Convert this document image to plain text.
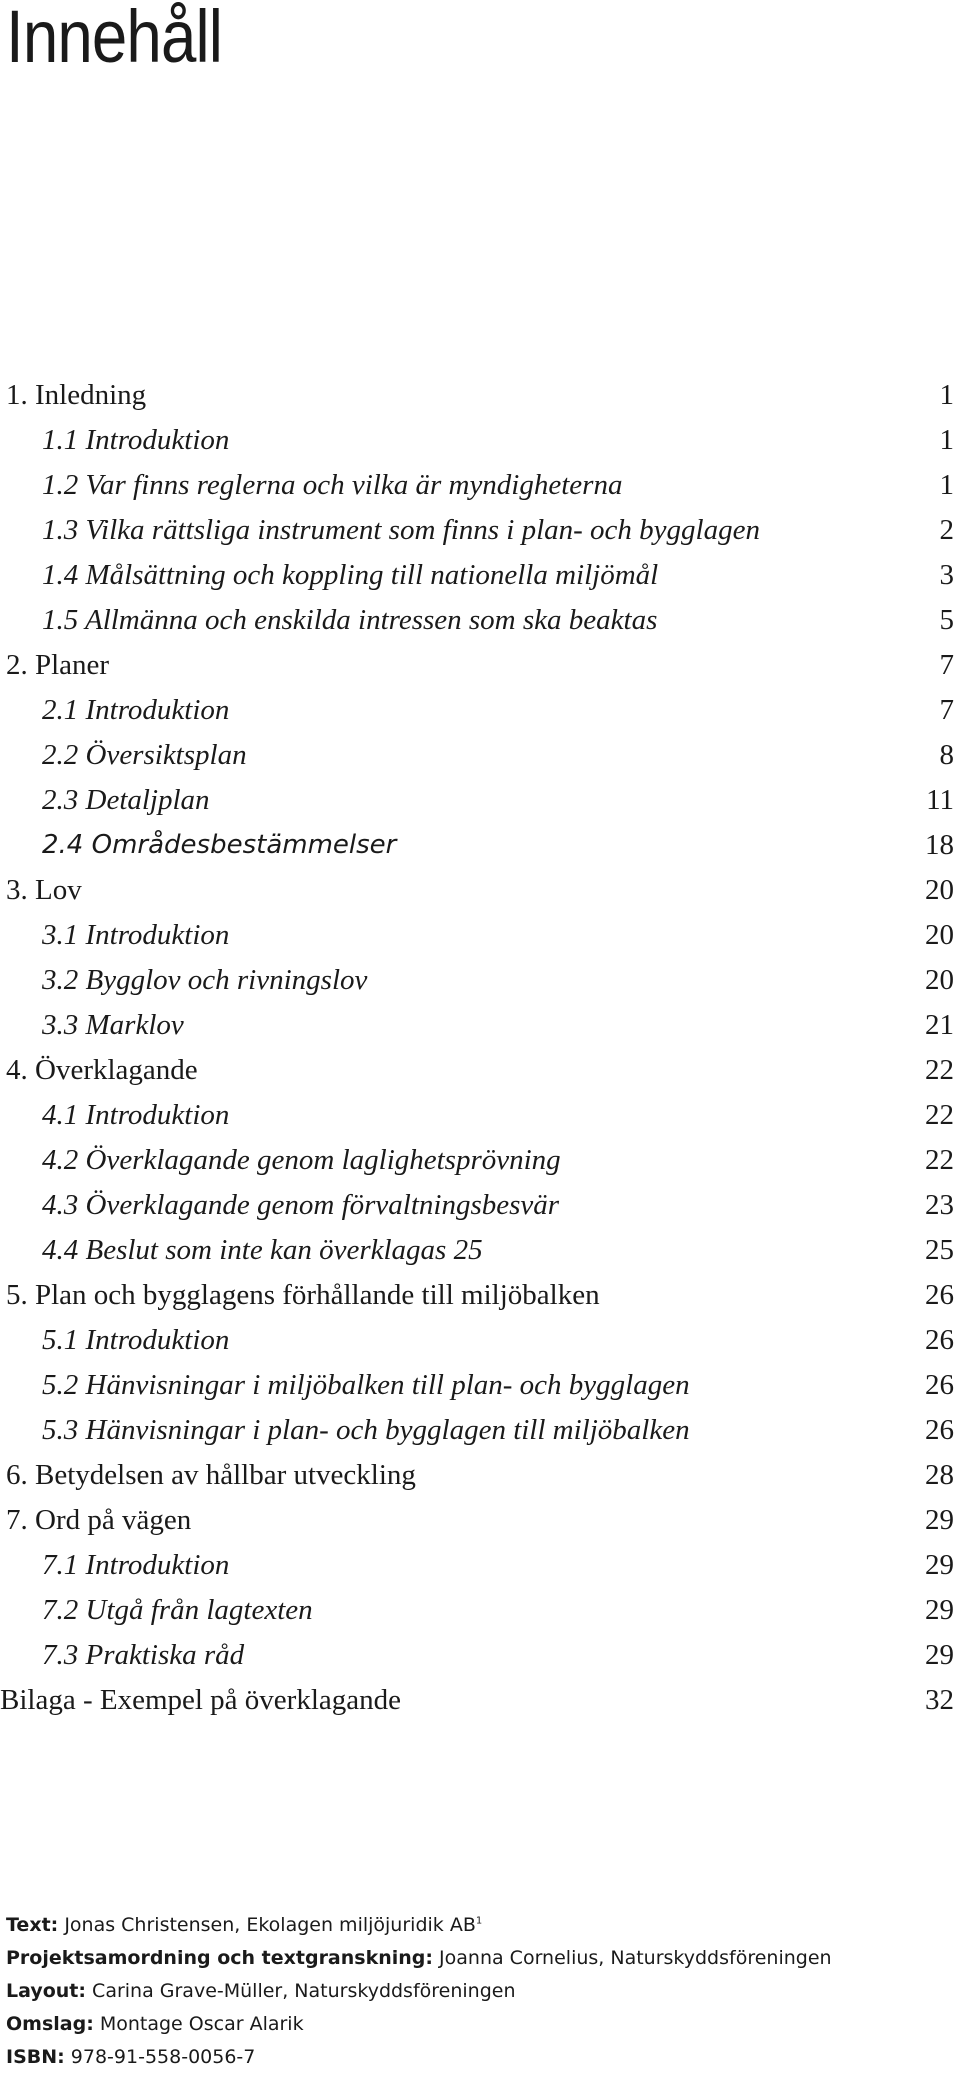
Innehåll
1. Inledning	1
1.1 Introduktion	1
1.2 Var finns reglerna och vilka är myndigheterna	1
1.3 Vilka rättsliga instrument som finns i plan- och bygglagen	2
1.4 Målsättning och koppling till nationella miljömål	3
1.5 Allmänna och enskilda intressen som ska beaktas	5
2. Planer	7
2.1 Introduktion	7
2.2 Översiktsplan	8
2.3 Detaljplan	11
2.4 Områdesbestämmelser	18
3. Lov	20
3.1 Introduktion	20
3.2 Bygglov och rivningslov	20
3.3 Marklov	21
4. Överklagande	22
4.1 Introduktion	22
4.2 Överklagande genom laglighetsprövning	22
4.3 Överklagande genom förvaltningsbesvär	23
4.4 Beslut som inte kan överklagas 25	25
5. Plan och bygglagens förhållande till miljöbalken	26
5.1 Introduktion	26
5.2 Hänvisningar i miljöbalken till plan- och bygglagen	26
5.3 Hänvisningar i plan- och bygglagen till miljöbalken	26
6. Betydelsen av hållbar utveckling	28
7. Ord på vägen	29
7.1 Introduktion	29
7.2 Utgå från lagtexten	29
7.3 Praktiska råd	29
Bilaga - Exempel på överklagande	32
Text: Jonas Christensen, Ekolagen miljöjuridik AB$^1$
Projektsamordning och textgranskning: Joanna Cornelius, Naturskyddsföreningen
Layout: Carina Grave-Müller, Naturskyddsföreningen
Omslag: Montage Oscar Alarik
ISBN: 978-91-558-0056-7
